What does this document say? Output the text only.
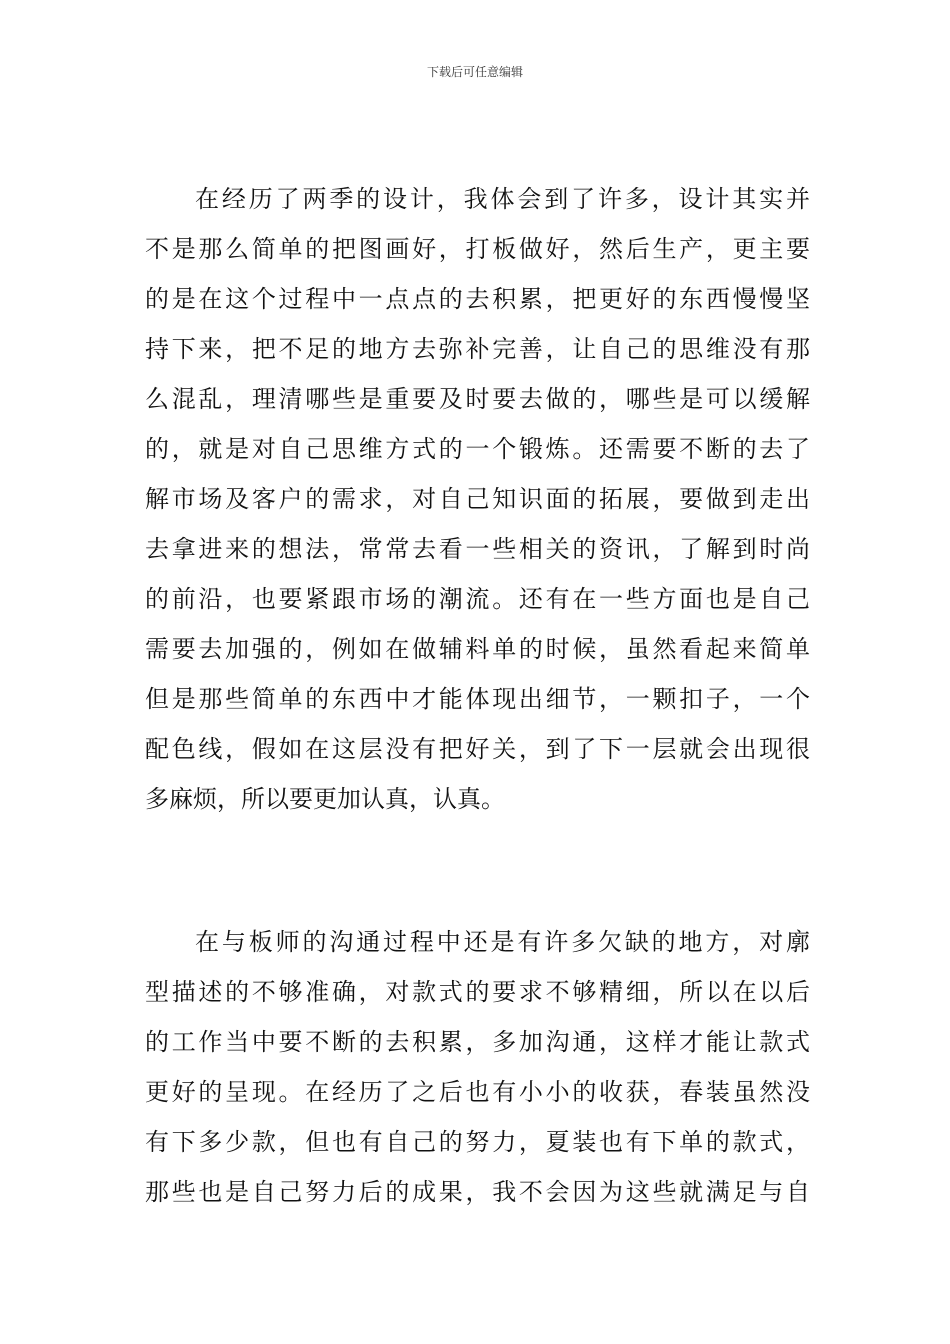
下载后可任意编辑
在经历了两季的设计，我体会到了许多，设计其实并
不是那么简单的把图画好，打板做好，然后生产，更主要
的是在这个过程中一点点的去积累，把更好的东西慢慢坚
持下来，把不足的地方去弥补完善，让自己的思维没有那
么混乱，理清哪些是重要及时要去做的，哪些是可以缓解
的，就是对自己思维方式的一个锻炼。还需要不断的去了
解市场及客户的需求，对自己知识面的拓展，要做到走出
去拿进来的想法，常常去看一些相关的资讯，了解到时尚
的前沿，也要紧跟市场的潮流。还有在一些方面也是自己
需要去加强的，例如在做辅料单的时候，虽然看起来简单
但是那些简单的东西中才能体现出细节，一颗扣子，一个
配色线，假如在这层没有把好关，到了下一层就会出现很
多麻烦，所以要更加认真，认真。
在与板师的沟通过程中还是有许多欠缺的地方，对廓
型描述的不够准确，对款式的要求不够精细，所以在以后
的工作当中要不断的去积累，多加沟通，这样才能让款式
更好的呈现。在经历了之后也有小小的收获，春装虽然没
有下多少款，但也有自己的努力，夏装也有下单的款式，
那些也是自己努力后的成果，我不会因为这些就满足与自
